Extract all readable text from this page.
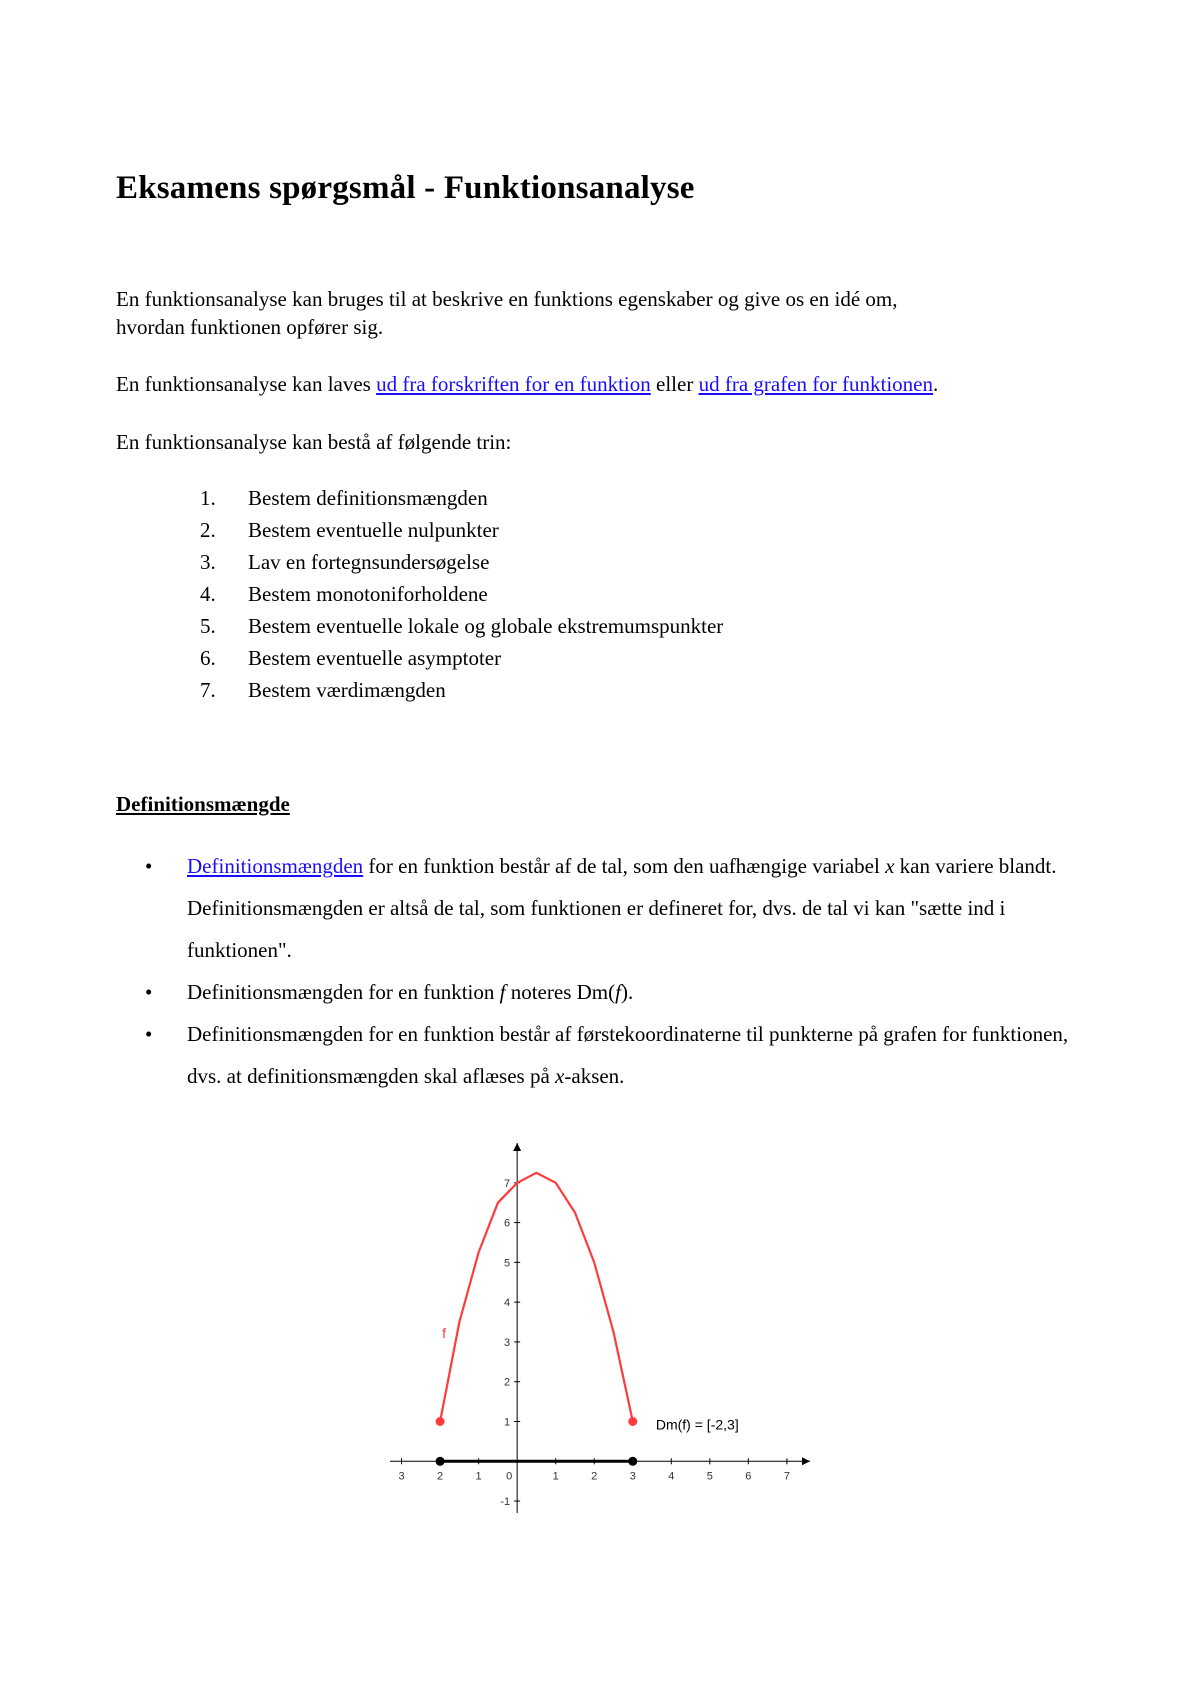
Eksamens spørgsmål - Funktionsanalyse

En funktionsanalyse kan bruges til at beskrive en funktions egenskaber og give os en idé om,
hvordan funktionen opfører sig.

En funktionsanalyse kan laves ud fra forskriften for en funktion eller ud fra grafen for funktionen.

En funktionsanalyse kan bestå af følgende trin:

1.	Bestem definitionsmængden
2.	Bestem eventuelle nulpunkter
3.	Lav en fortegnsundersøgelse
4.	Bestem monotoniforholdene
5.	Bestem eventuelle lokale og globale ekstremumspunkter
6.	Bestem eventuelle asymptoter
7.	Bestem værdimængden
Definitionsmængde
•	Definitionsmængden for en funktion består af de tal, som den uafhængige variabel x kan variere blandt. Definitionsmængden er altså de tal, som funktionen er defineret for, dvs. de tal vi kan "sætte ind i funktionen".
•	Definitionsmængden for en funktion f noteres Dm(f).
•	Definitionsmængden for en funktion består af førstekoordinaterne til punkterne på grafen for funktionen, dvs. at definitionsmængden skal aflæses på x-aksen.
3	2	1 0	1	2	3	4	5	6	7
-1
1
2
3
4
5
6
7
f
Dm(f) = [-2,3]
